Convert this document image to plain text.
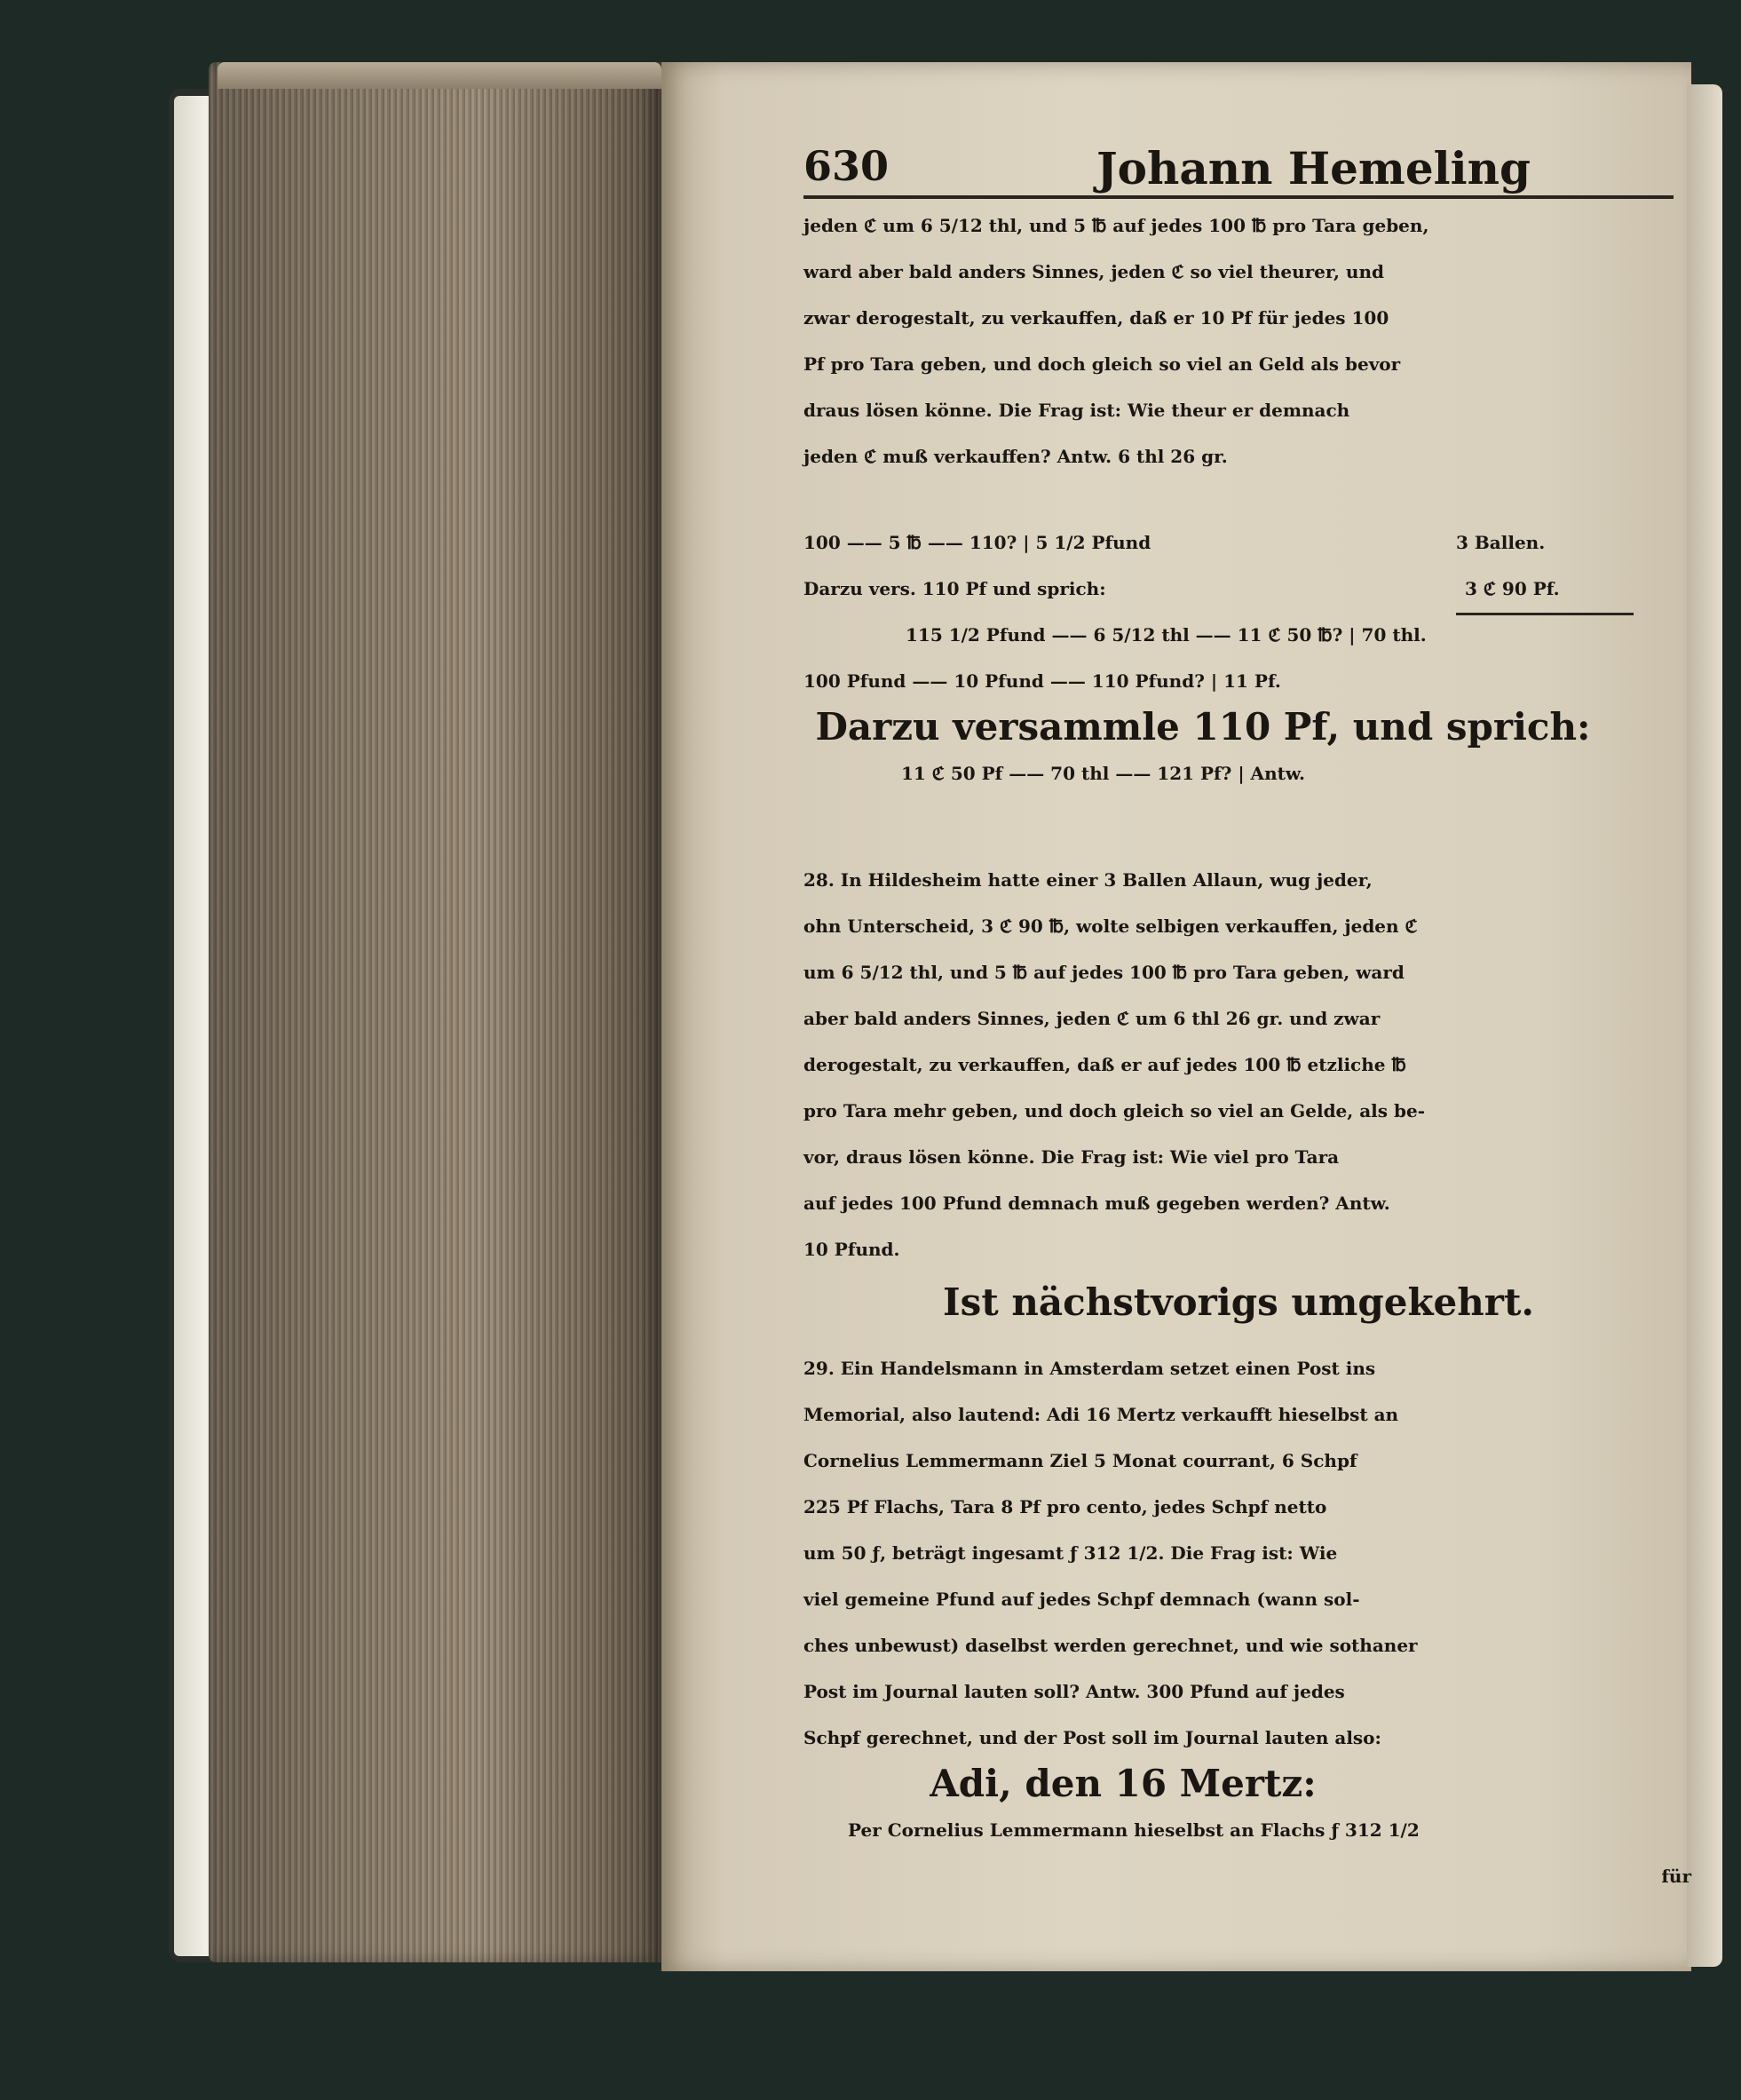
630	Johann Hemeling
jeden ℭ um 6 5/12 thl, und 5 ℔ auf jedes 100 ℔ pro Tara geben,
ward aber bald anders Sinnes, jeden ℭ so viel theurer, und
zwar derogestalt, zu verkauffen, daß er 10 Pf für jedes 100
Pf pro Tara geben, und doch gleich so viel an Geld als bevor
draus lösen könne. Die Frag ist: Wie theur er demnach
jeden ℭ muß verkauffen? Antw. 6 thl 26 gr.
100 —— 5 ℔ —— 110? | 5 1/2 Pfund	3 Ballen.
Darzu vers. 110 Pf und sprich:	3 ℭ 90 Pf.
115 1/2 Pfund —— 6 5/12 thl —— 11 ℭ 50 ℔? | 70 thl.
100 Pfund —— 10 Pfund —— 110 Pfund? | 11 Pf.
Darzu versammle 110 Pf, und sprich:
11 ℭ 50 Pf —— 70 thl —— 121 Pf? | Antw.
28. In Hildesheim hatte einer 3 Ballen Allaun, wug jeder,
ohn Unterscheid, 3 ℭ 90 ℔, wolte selbigen verkauffen, jeden ℭ
um 6 5/12 thl, und 5 ℔ auf jedes 100 ℔ pro Tara geben, ward
aber bald anders Sinnes, jeden ℭ um 6 thl 26 gr. und zwar
derogestalt, zu verkauffen, daß er auf jedes 100 ℔ etzliche ℔
pro Tara mehr geben, und doch gleich so viel an Gelde, als be-
vor, draus lösen könne. Die Frag ist: Wie viel pro Tara
auf jedes 100 Pfund demnach muß gegeben werden? Antw.
10 Pfund.
Ist nächstvorigs umgekehrt.
29. Ein Handelsmann in Amsterdam setzet einen Post ins
Memorial, also lautend: Adi 16 Mertz verkaufft hieselbst an
Cornelius Lemmermann Ziel 5 Monat courrant, 6 Schpf
225 Pf Flachs, Tara 8 Pf pro cento, jedes Schpf netto
um 50 ƒ, beträgt ingesamt ƒ 312 1/2. Die Frag ist: Wie
viel gemeine Pfund auf jedes Schpf demnach (wann sol-
ches unbewust) daselbst werden gerechnet, und wie sothaner
Post im Journal lauten soll? Antw. 300 Pfund auf jedes
Schpf gerechnet, und der Post soll im Journal lauten also:
Adi, den 16 Mertz:
Per Cornelius Lemmermann hieselbst an Flachs ƒ 312 1/2
für
